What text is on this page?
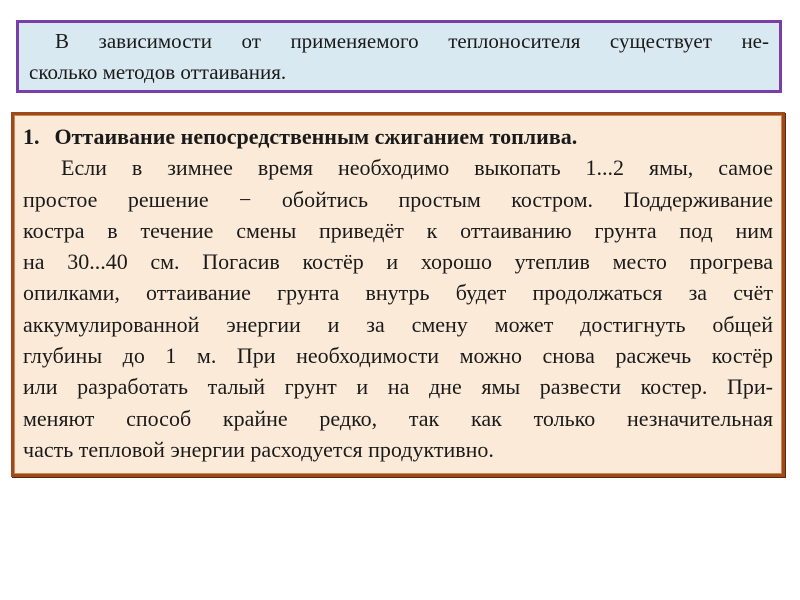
В зависимости от применяемого теплоносителя существует не-
сколько методов оттаивания.
1. Оттаивание непосредственным сжиганием топлива.
Если в зимнее время необходимо выкопать 1...2 ямы, самое
простое решение − обойтись простым костром. Поддерживание
костра в течение смены приведёт к оттаиванию грунта под ним
на 30...40 см. Погасив костёр и хорошо утеплив место прогрева
опилками, оттаивание грунта внутрь будет продолжаться за счёт
аккумулированной энергии и за смену может достигнуть общей
глубины до 1 м. При необходимости можно снова расжечь костёр
или разработать талый грунт и на дне ямы развести костер. При-
меняют способ крайне редко, так как только незначительная
часть тепловой энергии расходуется продуктивно.
